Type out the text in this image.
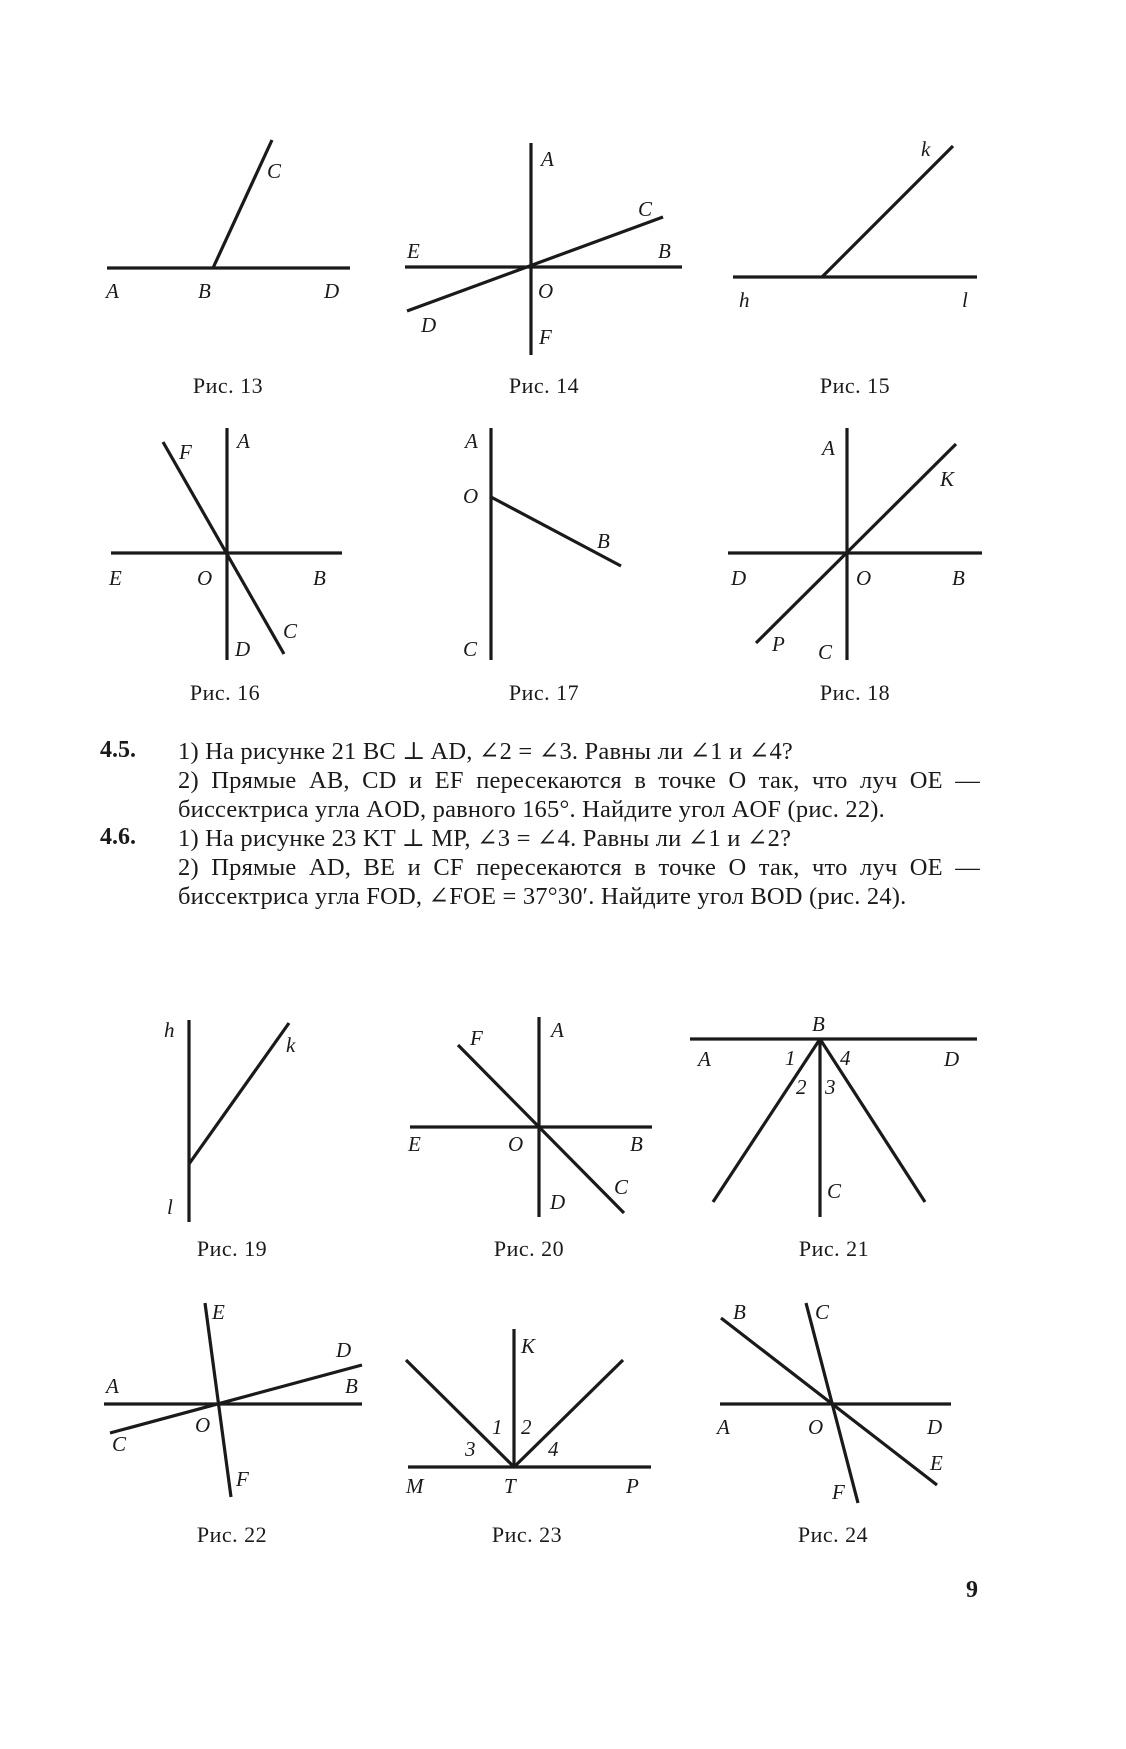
C
A	B	D
Рис. 13
A
C
E	B
O
D	F
Рис. 14
k
h	l
Рис. 15
F A
E	O	B
C
D
Рис. 16
A
O
B
C
Рис. 17
A
K
D	O	B
P C
Рис. 18
4.5. 1) На рисунке 21 BC ⊥ AD, ∠2 = ∠3. Равны ли ∠1 и ∠4?

2) Прямые AB, CD и EF пересекаются в точке O так, что луч OE — биссектриса угла AOD, равного 165°. Найдите угол AOF (рис. 22).

4.6. 1) На рисунке 23 KT ⊥ MP, ∠3 = ∠4. Равны ли ∠1 и ∠2?

2) Прямые AD, BE и CF пересекаются в точке O так, что луч OE — биссектриса угла FOD, ∠FOE = 37°30′. Найдите угол BOD (рис. 24).

h
k
l
Рис. 19
F	A
E	O	B
C
D
Рис. 20
B
A	1 4	D
2 3
C
Рис. 21
E
D
A	B
C
O
F
Рис. 22
K
1 2
3	4
M	T	P
Рис. 23
B	C
A	O	D
E
F
Рис. 24
9
